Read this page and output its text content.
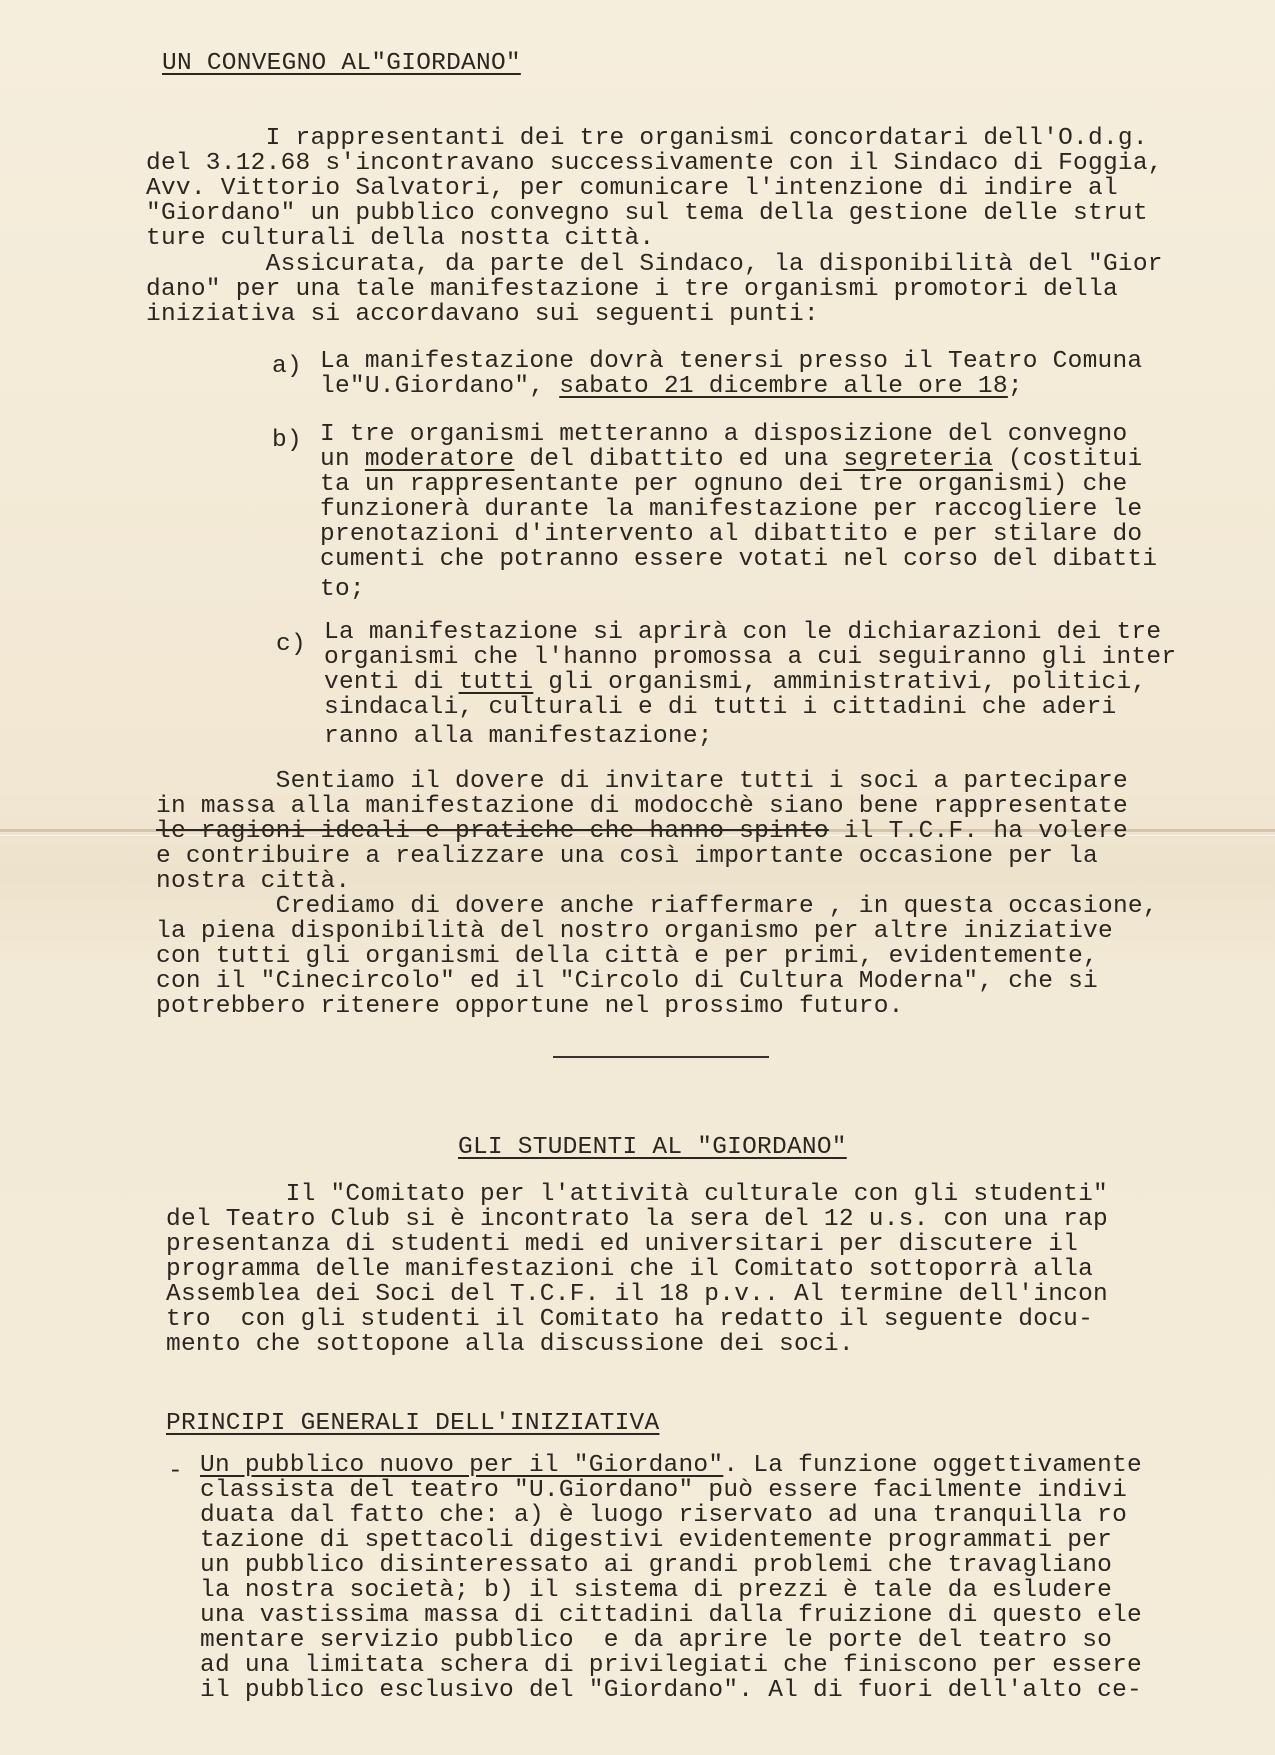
UN CONVEGNO AL"GIORDANO"

I rappresentanti dei tre organismi concordatari dell'O.d.g.

del 3.12.68 s'incontravano successivamente con il Sindaco di Foggia,

Avv. Vittorio Salvatori, per comunicare l'intenzione di indire al

"Giordano" un pubblico convegno sul tema della gestione delle strut

ture culturali della nostta città.

Assicurata, da parte del Sindaco, la disponibilità del "Gior

dano" per una tale manifestazione i tre organismi promotori della

iniziativa si accordavano sui seguenti punti:

a) La manifestazione dovrà tenersi presso il Teatro Comuna

le"U.Giordano", sabato 21 dicembre alle ore 18;

b) I tre organismi metteranno a disposizione del convegno

un moderatore del dibattito ed una segreteria (costitui

ta un rappresentante per ognuno dei tre organismi) che

funzionerà durante la manifestazione per raccogliere le

prenotazioni d'intervento al dibattito e per stilare do

cumenti che potranno essere votati nel corso del dibatti

to;

c) La manifestazione si aprirà con le dichiarazioni dei tre

organismi che l'hanno promossa a cui seguiranno gli inter

venti di tutti gli organismi, amministrativi, politici,

sindacali, culturali e di tutti i cittadini che aderi

ranno alla manifestazione;

Sentiamo il dovere di invitare tutti i soci a partecipare

in massa alla manifestazione di modocchè siano bene rappresentate

le ragioni ideali e pratiche che hanno spinto il T.C.F. ha volere

e contribuire a realizzare una così importante occasione per la

nostra città.

Crediamo di dovere anche riaffermare , in questa occasione,

la piena disponibilità del nostro organismo per altre iniziative

con tutti gli organismi della città e per primi, evidentemente,

con il "Cinecircolo" ed il "Circolo di Cultura Moderna", che si

potrebbero ritenere opportune nel prossimo futuro.

GLI STUDENTI AL "GIORDANO"

Il "Comitato per l'attività culturale con gli studenti"

del Teatro Club si è incontrato la sera del 12 u.s. con una rap

presentanza di studenti medi ed universitari per discutere il

programma delle manifestazioni che il Comitato sottoporrà alla

Assemblea dei Soci del T.C.F. il 18 p.v.. Al termine dell'incon

tro  con gli studenti il Comitato ha redatto il seguente docu-

mento che sottopone alla discussione dei soci.

PRINCIPI GENERALI DELL'INIZIATIVA

- Un pubblico nuovo per il "Giordano". La funzione oggettivamente

classista del teatro "U.Giordano" può essere facilmente indivi

duata dal fatto che: a) è luogo riservato ad una tranquilla ro

tazione di spettacoli digestivi evidentemente programmati per

un pubblico disinteressato ai grandi problemi che travagliano

la nostra società; b) il sistema di prezzi è tale da esludere

una vastissima massa di cittadini dalla fruizione di questo ele

mentare servizio pubblico  e da aprire le porte del teatro so

ad una limitata schera di privilegiati che finiscono per essere

il pubblico esclusivo del "Giordano". Al di fuori dell'alto ce-
